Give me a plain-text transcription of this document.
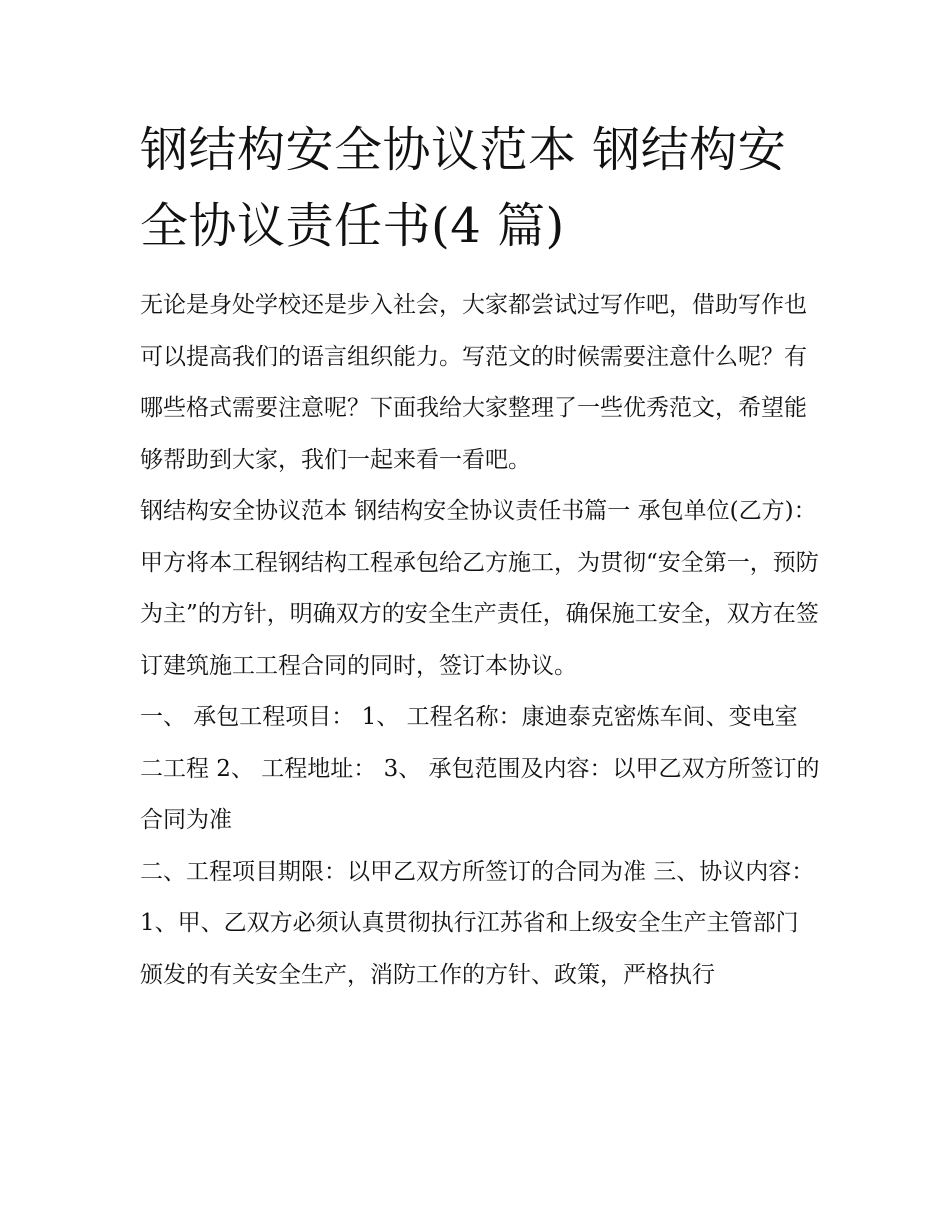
钢结构安全协议范本 钢结构安全协议责任书(4 篇)

无论是身处学校还是步入社会，大家都尝试过写作吧，借助写作也可以提高我们的语言组织能力。写范文的时候需要注意什么呢？有哪些格式需要注意呢？下面我给大家整理了一些优秀范文，希望能够帮助到大家，我们一起来看一看吧。

钢结构安全协议范本 钢结构安全协议责任书篇一 承包单位(乙方)：

甲方将本工程钢结构工程承包给乙方施工，为贯彻“安全第一，预防为主”的方针，明确双方的安全生产责任，确保施工安全，双方在签订建筑施工工程合同的同时，签订本协议。

一、 承包工程项目： 1、 工程名称：康迪泰克密炼车间、变电室二工程 2、 工程地址： 3、 承包范围及内容：以甲乙双方所签订的合同为准

二、工程项目期限：以甲乙双方所签订的合同为准 三、协议内容：

1、甲、乙双方必须认真贯彻执行江苏省和上级安全生产主管部门颁发的有关安全生产，消防工作的方针、政策，严格执行
